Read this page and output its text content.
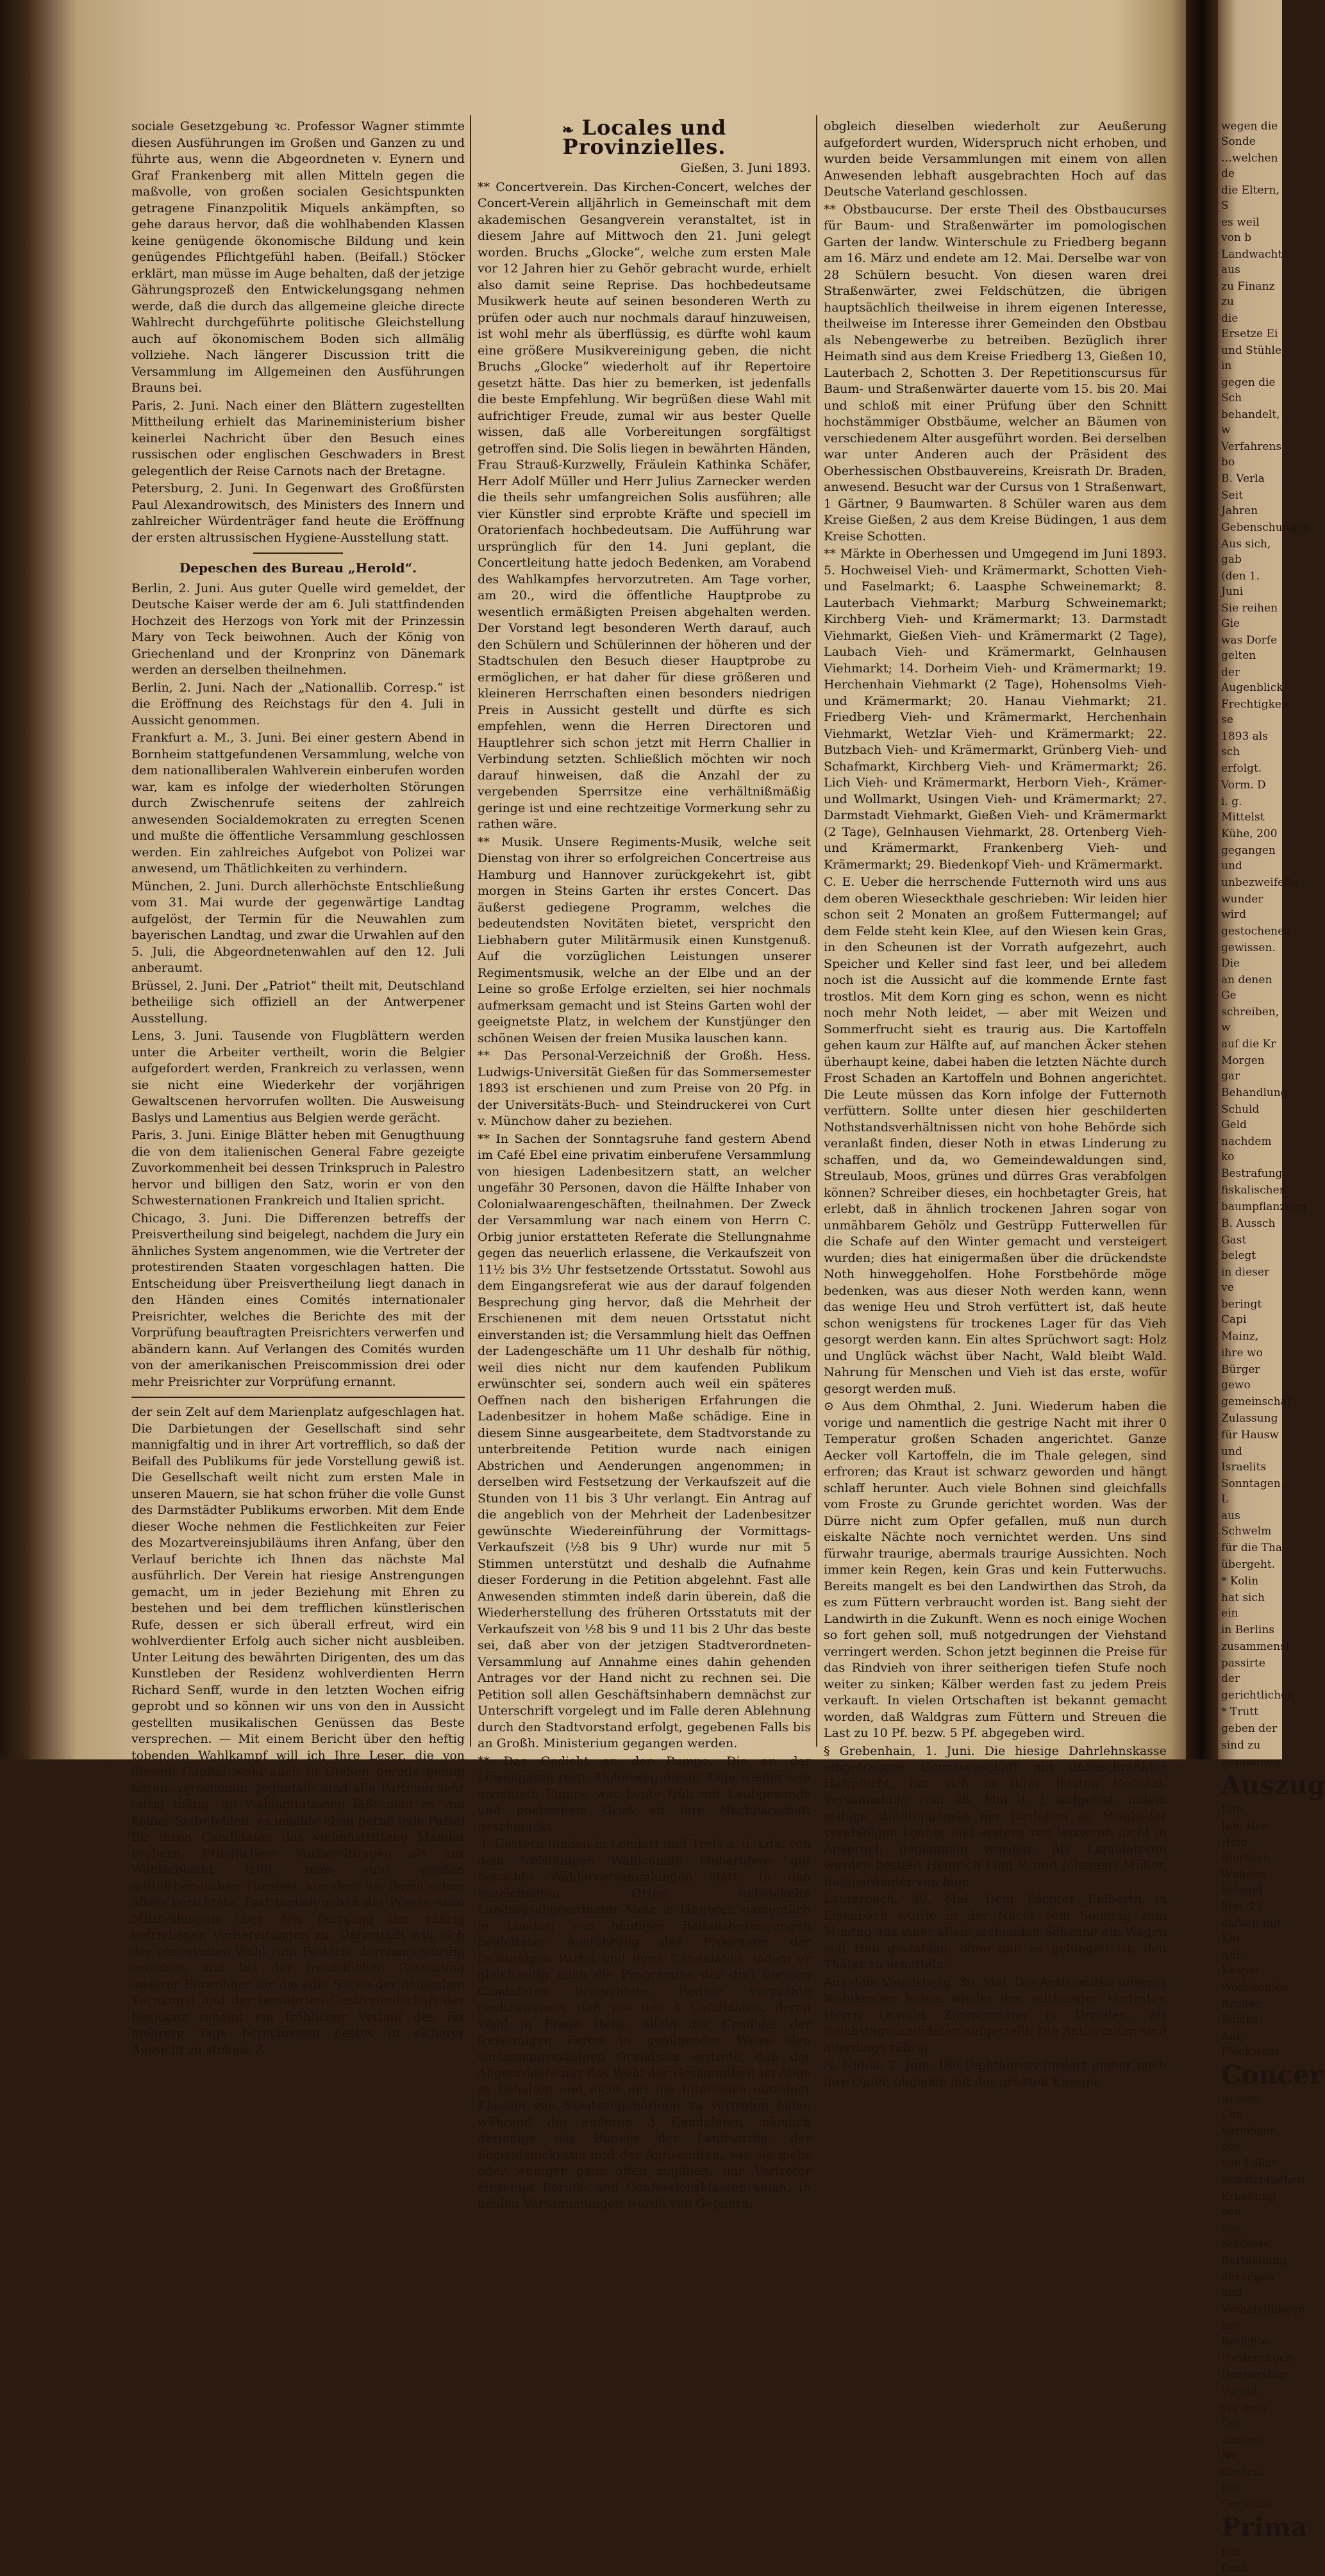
sociale Gesetzgebung ꝛc. Professor Wagner stimmte diesen Ausführungen im Großen und Ganzen zu und führte aus, wenn die Abgeordneten v. Eynern und Graf Frankenberg mit allen Mitteln gegen die maßvolle, von großen socialen Gesichtspunkten getragene Finanzpolitik Miquels ankämpften, so gehe daraus hervor, daß die wohlhabenden Klassen keine genügende ökonomische Bildung und kein genügendes Pflichtgefühl haben. (Beifall.) Stöcker erklärt, man müsse im Auge behalten, daß der jetzige Gährungsprozeß den Entwickelungsgang nehmen werde, daß die durch das allgemeine gleiche directe Wahlrecht durchgeführte politische Gleichstellung auch auf ökonomischem Boden sich allmälig vollziehe. Nach längerer Discussion tritt die Versammlung im Allgemeinen den Ausführungen Brauns bei.

Paris, 2. Juni. Nach einer den Blättern zugestellten Mittheilung erhielt das Marineministerium bisher keinerlei Nachricht über den Besuch eines russischen oder englischen Geschwaders in Brest gelegentlich der Reise Carnots nach der Bretagne.

Petersburg, 2. Juni. In Gegenwart des Großfürsten Paul Alexandrowitsch, des Ministers des Innern und zahlreicher Würdenträger fand heute die Eröffnung der ersten altrussischen Hygiene-Ausstellung statt.

Depeschen des Bureau „Herold“.

Berlin, 2. Juni. Aus guter Quelle wird gemeldet, der Deutsche Kaiser werde der am 6. Juli stattfindenden Hochzeit des Herzogs von York mit der Prinzessin Mary von Teck beiwohnen. Auch der König von Griechenland und der Kronprinz von Dänemark werden an derselben theilnehmen.

Berlin, 2. Juni. Nach der „Nationallib. Corresp.“ ist die Eröffnung des Reichstags für den 4. Juli in Aussicht genommen.

Frankfurt a. M., 3. Juni. Bei einer gestern Abend in Bornheim stattgefundenen Versammlung, welche von dem nationalliberalen Wahlverein einberufen worden war, kam es infolge der wiederholten Störungen durch Zwischenrufe seitens der zahlreich anwesenden Socialdemokraten zu erregten Scenen und mußte die öffentliche Versammlung geschlossen werden. Ein zahlreiches Aufgebot von Polizei war anwesend, um Thätlichkeiten zu verhindern.

München, 2. Juni. Durch allerhöchste Entschließung vom 31. Mai wurde der gegenwärtige Landtag aufgelöst, der Termin für die Neuwahlen zum bayerischen Landtag, und zwar die Urwahlen auf den 5. Juli, die Abgeordnetenwahlen auf den 12. Juli anberaumt.

Brüssel, 2. Juni. Der „Patriot“ theilt mit, Deutschland betheilige sich offiziell an der Antwerpener Ausstellung.

Lens, 3. Juni. Tausende von Flugblättern werden unter die Arbeiter vertheilt, worin die Belgier aufgefordert werden, Frankreich zu verlassen, wenn sie nicht eine Wiederkehr der vorjährigen Gewaltscenen hervorrufen wollten. Die Ausweisung Baslys und Lamentius aus Belgien werde gerächt.

Paris, 3. Juni. Einige Blätter heben mit Genugthuung die von dem italienischen General Fabre gezeigte Zuvorkommenheit bei dessen Trinkspruch in Palestro hervor und billigen den Satz, worin er von den Schwesternationen Frankreich und Italien spricht.

Chicago, 3. Juni. Die Differenzen betreffs der Preisvertheilung sind beigelegt, nachdem die Jury ein ähnliches System angenommen, wie die Vertreter der protestirenden Staaten vorgeschlagen hatten. Die Entscheidung über Preisvertheilung liegt danach in den Händen eines Comités internationaler Preisrichter, welches die Berichte des mit der Vorprüfung beauftragten Preisrichters verwerfen und abändern kann. Auf Verlangen des Comités wurden von der amerikanischen Preiscommission drei oder mehr Preisrichter zur Vorprüfung ernannt.

der sein Zelt auf dem Marienplatz aufgeschlagen hat. Die Darbietungen der Gesellschaft sind sehr mannigfaltig und in ihrer Art vortrefflich, so daß der Beifall des Publikums für jede Vorstellung gewiß ist. Die Gesellschaft weilt nicht zum ersten Male in unseren Mauern, sie hat schon früher die volle Gunst des Darmstädter Publikums erworben. Mit dem Ende dieser Woche nehmen die Festlichkeiten zur Feier des Mozartvereinsjubiläums ihren Anfang, über den Verlauf berichte ich Ihnen das nächste Mal ausführlich. Der Verein hat riesige Anstrengungen gemacht, um in jeder Beziehung mit Ehren zu bestehen und bei dem trefflichen künstlerischen Rufe, dessen er sich überall erfreut, wird ein wohlverdienter Erfolg auch sicher nicht ausbleiben. Unter Leitung des bewährten Dirigenten, des um das Kunstleben der Residenz wohlverdienten Herrn Richard Senff, wurde in den letzten Wochen eifrig geprobt und so können wir uns von den in Aussicht gestellten musikalischen Genüssen das Beste versprechen. — Mit einem Bericht über den heftig tobenden Wahlkampf will ich Ihre Leser, die von diesem Capitel wohl auch in Gießen gerade genug hören, verschonen. Jedenfalls sind alle Parteien sehr eifrig thätig, an Wahlagitationen läßt man es von keiner Seite fehlen, es möchte eben gerne jede Partei für ihren Candidaten das vielumstrittene Mandat erobern. Friedlichere Vorbereitungen als zur Wahlschlacht trifft man zum großen mittelrheinischen Turnfest, von dem ich Ihnen schon öfters berichtete. Fast täglich gehen der Presse neue Mittheilungen über den Fortgang der rührig betriebenen Vorbereitungen zu; Darmstadt will sich der ehrenvollen Wahl zum Festorte durchaus würdig erweisen und bei der freundlichen Gesinnung unserer Einwohner für die edle Sache der deutschen Turnkunst und der bewährten Gastfreundschaft der Residenz scheint ein fröhlicher Verlauf des für mehrere Tage berechneten Festes in sicherer Aussicht zu stehen. Z.

❧ Locales und Provinzielles.
Gießen, 3. Juni 1893.

** Concertverein. Das Kirchen-Concert, welches der Concert-Verein alljährlich in Gemeinschaft mit dem akademischen Gesangverein veranstaltet, ist in diesem Jahre auf Mittwoch den 21. Juni gelegt worden. Bruchs „Glocke“, welche zum ersten Male vor 12 Jahren hier zu Gehör gebracht wurde, erhielt also damit seine Reprise. Das hochbedeutsame Musikwerk heute auf seinen besonderen Werth zu prüfen oder auch nur nochmals darauf hinzuweisen, ist wohl mehr als überflüssig, es dürfte wohl kaum eine größere Musikvereinigung geben, die nicht Bruchs „Glocke“ wiederholt auf ihr Repertoire gesetzt hätte. Das hier zu bemerken, ist jedenfalls die beste Empfehlung. Wir begrüßen diese Wahl mit aufrichtiger Freude, zumal wir aus bester Quelle wissen, daß alle Vorbereitungen sorgfältigst getroffen sind. Die Solis liegen in bewährten Händen, Frau Strauß-Kurzwelly, Fräulein Kathinka Schäfer, Herr Adolf Müller und Herr Julius Zarnecker werden die theils sehr umfangreichen Solis ausführen; alle vier Künstler sind erprobte Kräfte und speciell im Oratorienfach hochbedeutsam. Die Aufführung war ursprünglich für den 14. Juni geplant, die Concertleitung hatte jedoch Bedenken, am Vorabend des Wahlkampfes hervorzutreten. Am Tage vorher, am 20., wird die öffentliche Hauptprobe zu wesentlich ermäßigten Preisen abgehalten werden. Der Vorstand legt besonderen Werth darauf, auch den Schülern und Schülerinnen der höheren und der Stadtschulen den Besuch dieser Hauptprobe zu ermöglichen, er hat daher für diese größeren und kleineren Herrschaften einen besonders niedrigen Preis in Aussicht gestellt und dürfte es sich empfehlen, wenn die Herren Directoren und Hauptlehrer sich schon jetzt mit Herrn Challier in Verbindung setzten. Schließlich möchten wir noch darauf hinweisen, daß die Anzahl der zu vergebenden Sperrsitze eine verhältnißmäßig geringe ist und eine rechtzeitige Vormerkung sehr zu rathen wäre.

** Musik. Unsere Regiments-Musik, welche seit Dienstag von ihrer so erfolgreichen Concertreise aus Hamburg und Hannover zurückgekehrt ist, gibt morgen in Steins Garten ihr erstes Concert. Das äußerst gediegene Programm, welches die bedeutendsten Novitäten bietet, verspricht den Liebhabern guter Militärmusik einen Kunstgenuß. Auf die vorzüglichen Leistungen unserer Regimentsmusik, welche an der Elbe und an der Leine so große Erfolge erzielten, sei hier nochmals aufmerksam gemacht und ist Steins Garten wohl der geeignetste Platz, in welchem der Kunstjünger den schönen Weisen der freien Musika lauschen kann.

** Das Personal-Verzeichniß der Großh. Hess. Ludwigs-Universität Gießen für das Sommersemester 1893 ist erschienen und zum Preise von 20 Pfg. in der Universitäts-Buch- und Steindruckerei von Curt v. Münchow daher zu beziehen.

** In Sachen der Sonntagsruhe fand gestern Abend im Café Ebel eine privatim einberufene Versammlung von hiesigen Ladenbesitzern statt, an welcher ungefähr 30 Personen, davon die Hälfte Inhaber von Colonialwaarengeschäften, theilnahmen. Der Zweck der Versammlung war nach einem von Herrn C. Orbig junior erstatteten Referate die Stellungnahme gegen das neuerlich erlassene, die Verkaufszeit von 11½ bis 3½ Uhr festsetzende Ortsstatut. Sowohl aus dem Eingangsreferat wie aus der darauf folgenden Besprechung ging hervor, daß die Mehrheit der Erschienenen mit dem neuen Ortsstatut nicht einverstanden ist; die Versammlung hielt das Oeffnen der Ladengeschäfte um 11 Uhr deshalb für nöthig, weil dies nicht nur dem kaufenden Publikum erwünschter sei, sondern auch weil ein späteres Oeffnen nach den bisherigen Erfahrungen die Ladenbesitzer in hohem Maße schädige. Eine in diesem Sinne ausgearbeitete, dem Stadtvorstande zu unterbreitende Petition wurde nach einigen Abstrichen und Aenderungen angenommen; in derselben wird Festsetzung der Verkaufszeit auf die Stunden von 11 bis 3 Uhr verlangt. Ein Antrag auf die angeblich von der Mehrheit der Ladenbesitzer gewünschte Wiedereinführung der Vormittags-Verkaufszeit (½8 bis 9 Uhr) wurde nur mit 5 Stimmen unterstützt und deshalb die Aufnahme dieser Forderung in die Petition abgelehnt. Fast alle Anwesenden stimmten indeß darin überein, daß die Wiederherstellung des früheren Ortsstatuts mit der Verkaufszeit von ½8 bis 9 und 11 bis 2 Uhr das beste sei, daß aber von der jetzigen Stadtverordneten-Versammlung auf Annahme eines dahin gehenden Antrages vor der Hand nicht zu rechnen sei. Die Petition soll allen Geschäftsinhabern demnächst zur Unterschrift vorgelegt und im Falle deren Ablehnung durch den Stadtvorstand erfolgt, gegebenen Falls bis an Großh. Ministerium gegangen werden.

** Das Gedicht an der Pumpe. Die an der Löwengasse resp. Tiefenweg dieser Tage wieder neu errichtete Pumpe war heute früh mit Laubgewinde und poetischem Gruß an ihre Nachbarschaft geschmückt.

-t- Gestern fanden in Londorf und Treis a. d. Lda. von dem freisinnigen Wahlcomité einberufene gut besuchte Wählerversammlungen statt. In den bezeichneten Orten entwickelte Landtagsabgeordneter Metz in längerer, namentlich in Londorf von häufigen Beifallsbezeugungen begleiteter Ausführung das Programm der freisinnigen Partei und ihres Candidaten, indem er gleichzeitig auch die Programme der drei übrigen Candidaten beleuchtete. Redner versuchte nachzuweisen, daß von den 4 Candidaten, deren Wahl in Frage stehe, allein der Candidat der freisinnigen Partei in genügender Weise den verfassungsmäßigen Grundsatz vertrete, daß der Abgeordnete nur das Wohl der Gesammtheit im Auge zu behalten und nicht nur die Interessen einzelner Klassen von Staatsangehörigen zu vertreten habe; während die anderen 3 Candidaten, nämlich derjenige des Bundes der Landwirthe, der Socialdemokratie und der Antisemiten, wie sie mehr oder weniger ganz offen zugäben, nur Vertreter einzelner Berufs- und Confessionsklassen seien. In beiden Versammlungen wurde von Gegnern,

obgleich dieselben wiederholt zur Aeußerung aufgefordert wurden, Widerspruch nicht erhoben, und wurden beide Versammlungen mit einem von allen Anwesenden lebhaft ausgebrachten Hoch auf das Deutsche Vaterland geschlossen.

** Obstbaucurse. Der erste Theil des Obstbaucurses für Baum- und Straßenwärter im pomologischen Garten der landw. Winterschule zu Friedberg begann am 16. März und endete am 12. Mai. Derselbe war von 28 Schülern besucht. Von diesen waren drei Straßenwärter, zwei Feldschützen, die übrigen hauptsächlich theilweise in ihrem eigenen Interesse, theilweise im Interesse ihrer Gemeinden den Obstbau als Nebengewerbe zu betreiben. Bezüglich ihrer Heimath sind aus dem Kreise Friedberg 13, Gießen 10, Lauterbach 2, Schotten 3. Der Repetitionscursus für Baum- und Straßenwärter dauerte vom 15. bis 20. Mai und schloß mit einer Prüfung über den Schnitt hochstämmiger Obstbäume, welcher an Bäumen von verschiedenem Alter ausgeführt worden. Bei derselben war unter Anderen auch der Präsident des Oberhessischen Obstbauvereins, Kreisrath Dr. Braden, anwesend. Besucht war der Cursus von 1 Straßenwart, 1 Gärtner, 9 Baumwarten. 8 Schüler waren aus dem Kreise Gießen, 2 aus dem Kreise Büdingen, 1 aus dem Kreise Schotten.

** Märkte in Oberhessen und Umgegend im Juni 1893. 5. Hochweisel Vieh- und Krämermarkt, Schotten Vieh- und Faselmarkt; 6. Laasphe Schweinemarkt; 8. Lauterbach Viehmarkt; Marburg Schweinemarkt; Kirchberg Vieh- und Krämermarkt; 13. Darmstadt Viehmarkt, Gießen Vieh- und Krämermarkt (2 Tage), Laubach Vieh- und Krämermarkt, Gelnhausen Viehmarkt; 14. Dorheim Vieh- und Krämermarkt; 19. Herchenhain Viehmarkt (2 Tage), Hohensolms Vieh- und Krämermarkt; 20. Hanau Viehmarkt; 21. Friedberg Vieh- und Krämermarkt, Herchenhain Viehmarkt, Wetzlar Vieh- und Krämermarkt; 22. Butzbach Vieh- und Krämermarkt, Grünberg Vieh- und Schafmarkt, Kirchberg Vieh- und Krämermarkt; 26. Lich Vieh- und Krämermarkt, Herborn Vieh-, Krämer- und Wollmarkt, Usingen Vieh- und Krämermarkt; 27. Darmstadt Viehmarkt, Gießen Vieh- und Krämermarkt (2 Tage), Gelnhausen Viehmarkt, 28. Ortenberg Vieh- und Krämermarkt, Frankenberg Vieh- und Krämermarkt; 29. Biedenkopf Vieh- und Krämermarkt.

C. E. Ueber die herrschende Futternoth wird uns aus dem oberen Wieseckthale geschrieben: Wir leiden hier schon seit 2 Monaten an großem Futtermangel; auf dem Felde steht kein Klee, auf den Wiesen kein Gras, in den Scheunen ist der Vorrath aufgezehrt, auch Speicher und Keller sind fast leer, und bei alledem noch ist die Aussicht auf die kommende Ernte fast trostlos. Mit dem Korn ging es schon, wenn es nicht noch mehr Noth leidet, — aber mit Weizen und Sommerfrucht sieht es traurig aus. Die Kartoffeln gehen kaum zur Hälfte auf, auf manchen Äcker stehen überhaupt keine, dabei haben die letzten Nächte durch Frost Schaden an Kartoffeln und Bohnen angerichtet. Die Leute müssen das Korn infolge der Futternoth verfüttern. Sollte unter diesen hier geschilderten Nothstandsverhältnissen nicht von hohe Behörde sich veranlaßt finden, dieser Noth in etwas Linderung zu schaffen, und da, wo Gemeindewaldungen sind, Streulaub, Moos, grünes und dürres Gras verabfolgen können? Schreiber dieses, ein hochbetagter Greis, hat erlebt, daß in ähnlich trockenen Jahren sogar von unmähbarem Gehölz und Gestrüpp Futterwellen für die Schafe auf den Winter gemacht und versteigert wurden; dies hat einigermaßen über die drückendste Noth hinweggeholfen. Hohe Forstbehörde möge bedenken, was aus dieser Noth werden kann, wenn das wenige Heu und Stroh verfüttert ist, daß heute schon wenigstens für trockenes Lager für das Vieh gesorgt werden kann. Ein altes Sprüchwort sagt: Holz und Unglück wächst über Nacht, Wald bleibt Wald. Nahrung für Menschen und Vieh ist das erste, wofür gesorgt werden muß.

⊙ Aus dem Ohmthal, 2. Juni. Wiederum haben die vorige und namentlich die gestrige Nacht mit ihrer 0 Temperatur großen Schaden angerichtet. Ganze Aecker voll Kartoffeln, die im Thale gelegen, sind erfroren; das Kraut ist schwarz geworden und hängt schlaff herunter. Auch viele Bohnen sind gleichfalls vom Froste zu Grunde gerichtet worden. Was der Dürre nicht zum Opfer gefallen, muß nun durch eiskalte Nächte noch vernichtet werden. Uns sind fürwahr traurige, abermals traurige Aussichten. Noch immer kein Regen, kein Gras und kein Futterwuchs. Bereits mangelt es bei den Landwirthen das Stroh, da es zum Füttern verbraucht worden ist. Bang sieht der Landwirth in die Zukunft. Wenn es noch einige Wochen so fort gehen soll, muß notgedrungen der Viehstand verringert werden. Schon jetzt beginnen die Preise für das Rindvieh von ihrer seitherigen tiefen Stufe noch weiter zu sinken; Kälber werden fast zu jedem Preis verkauft. In vielen Ortschaften ist bekannt gemacht worden, daß Waldgras zum Füttern und Streuen die Last zu 10 Pf. bezw. 5 Pf. abgegeben wird.

§ Grebenhain, 1. Juni. Die hiesige Dahrlehnskasse eingetragene Genossenschaft mit unbeschränkter Haftpflicht, hat sich in ihrer letzten General-Versammlung vom 28. Mai d. J. aufgelöst, indem selbige statutengemäß nur Darlehen an Mitglieder verabfolgen konnte und erstere von letzteren nicht in Anspruch genommen wurden. Als Liquidatoren wurden bestellt Heinrich Lind V. und Johannes Müller, Beigeordneter von hier.

Lauterbach, 30. Mai. Dem Pächter Fülberth in Eisenbach wurde in der Nacht vom Sonntag zum Montag aus einer allein stehenden Scheune ein Wagen voll Heu gestohlen, ohne daß es gelungen ist, den Thäter zu ermitteln.

Aus dem Vogelsberg, 30. Mai. Die Antisemiten unseres Wahlkreises haben wieder den seitherigen Vertreter, Herrn Oswald Zimmermann in Dresden, als Reichstagscandidaten aufgestellt. Die Antisemiten sind allerdings rührig.

N. Nidda, 2. Juni. Die Diphtheritis fordert immer noch ihre Opfer, obgleich mit der größten Energie

wegen die Sonde

…welchen de

die Eltern, S

es weil von b

Landwacht aus

zu Finanz zu

die Ersetze Ei

und Stühle in

gegen die Sch

behandelt, w

Verfahrens bo

B. Verla

Seit Jahren

Gebenschungen

Aus sich, gab

(den 1. Juni

Sie reihen Gie

was Dorfe gelten

der Augenblick

Frechtigkeit se

1893 als sch

erfolgt.

Vorm. D

i. g. Mittelst

Kühe, 200

gegangen und

unbezweifelte

wunder wird

gestochenes

gewissen. Die

an denen Ge

schreiben, w

auf die Kr

Morgen gar

Behandlung

Schuld Geld

nachdem ko

Bestrafung

fiskalischen

baumpflanzung

B. Aussch

Gast belegt

in dieser ve

beringt Capi

Mainz,

ihre wo

Bürger gewo

gemeinschaf

Zulassung

für Hausw

und Israelits

Sonntagen L

aus Schwelm

für die Tha

übergeht.

* Kolin

hat sich ein

in Berlins

zusammenst

passirte der

gerichtlichen

* Trutt

geben der

sind zu

zusammen

Auszug

Juni.

Job. Her

Heib. Bierfisch

Wilhelm Schmid

Mai. 27

daßler, mit Kar

Auf. Kaspar

Wolfskehlen

Bruder, Reichs

Auf, Plöckstein

Concer

In dem Con

Vermögen des

von Lollar

Schützbrochen

Erhebung von

des Schlüsse

Bertheilung

derungen und

Verhandlungen

ber Berichte

Forderungen

Donnerstag

Vormit

vor dem Gro

zimmer Nr.

Gießen, ben

Gerichtss

Prima

per

Emil
